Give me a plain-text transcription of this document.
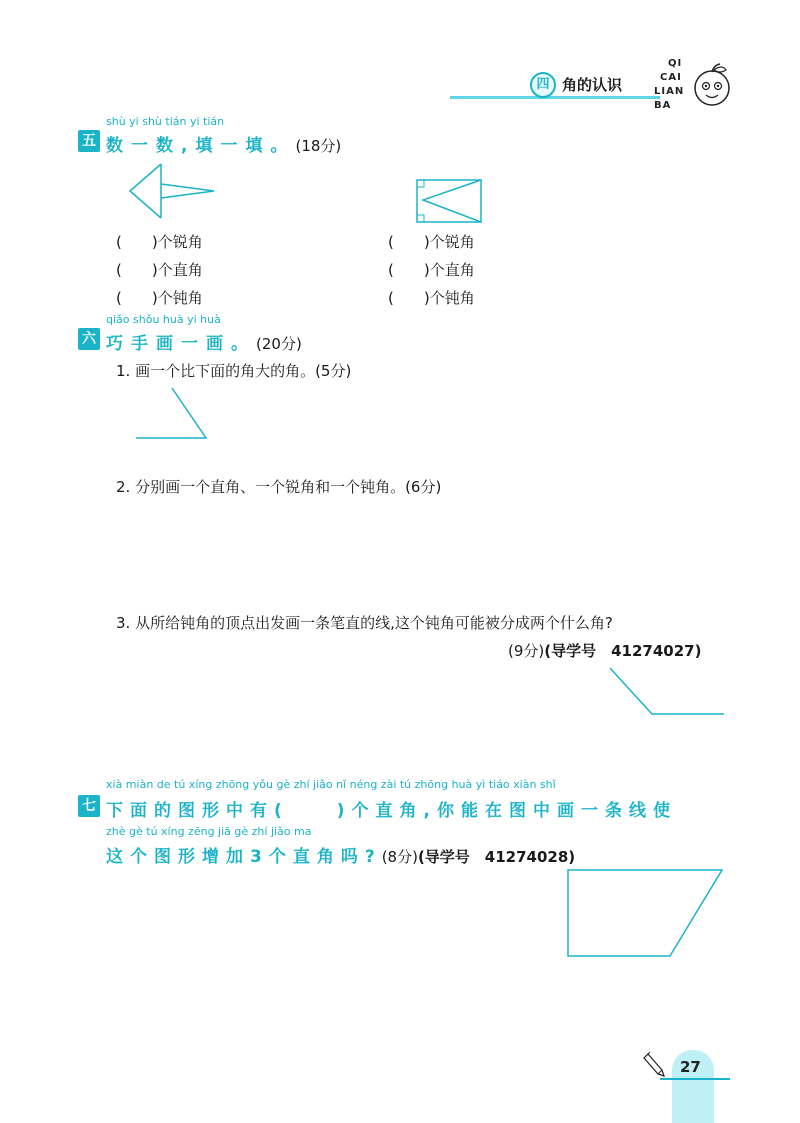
四 角的认识
QI
CAI
LIAN
BA
shù yi shù tián yi tián
五 数一数,填一填。(18分)
(　　)个锐角
(　　)个直角
(　　)个钝角
(　　)个锐角
(　　)个直角
(　　)个钝角
qiǎo shǒu huà yi huà
六 巧手画一画。(20分)
1. 画一个比下面的角大的角。(5分)
2. 分别画一个直角、一个锐角和一个钝角。(6分)
3. 从所给钝角的顶点出发画一条笔直的线,这个钝角可能被分成两个什么角?
(9分)(导学号　41274027)
xià miàn de tú xíng zhōng yǒu gè zhí jiǎo nǐ néng zài tú zhōng huà yì tiáo xiàn shǐ
七 下面的图形中有(　　)个直角,你能在图中画一条线使
zhè gè tú xíng zēng jiā gè zhí jiǎo ma
这个图形增加3个直角吗?(8分)(导学号　41274028)
27
